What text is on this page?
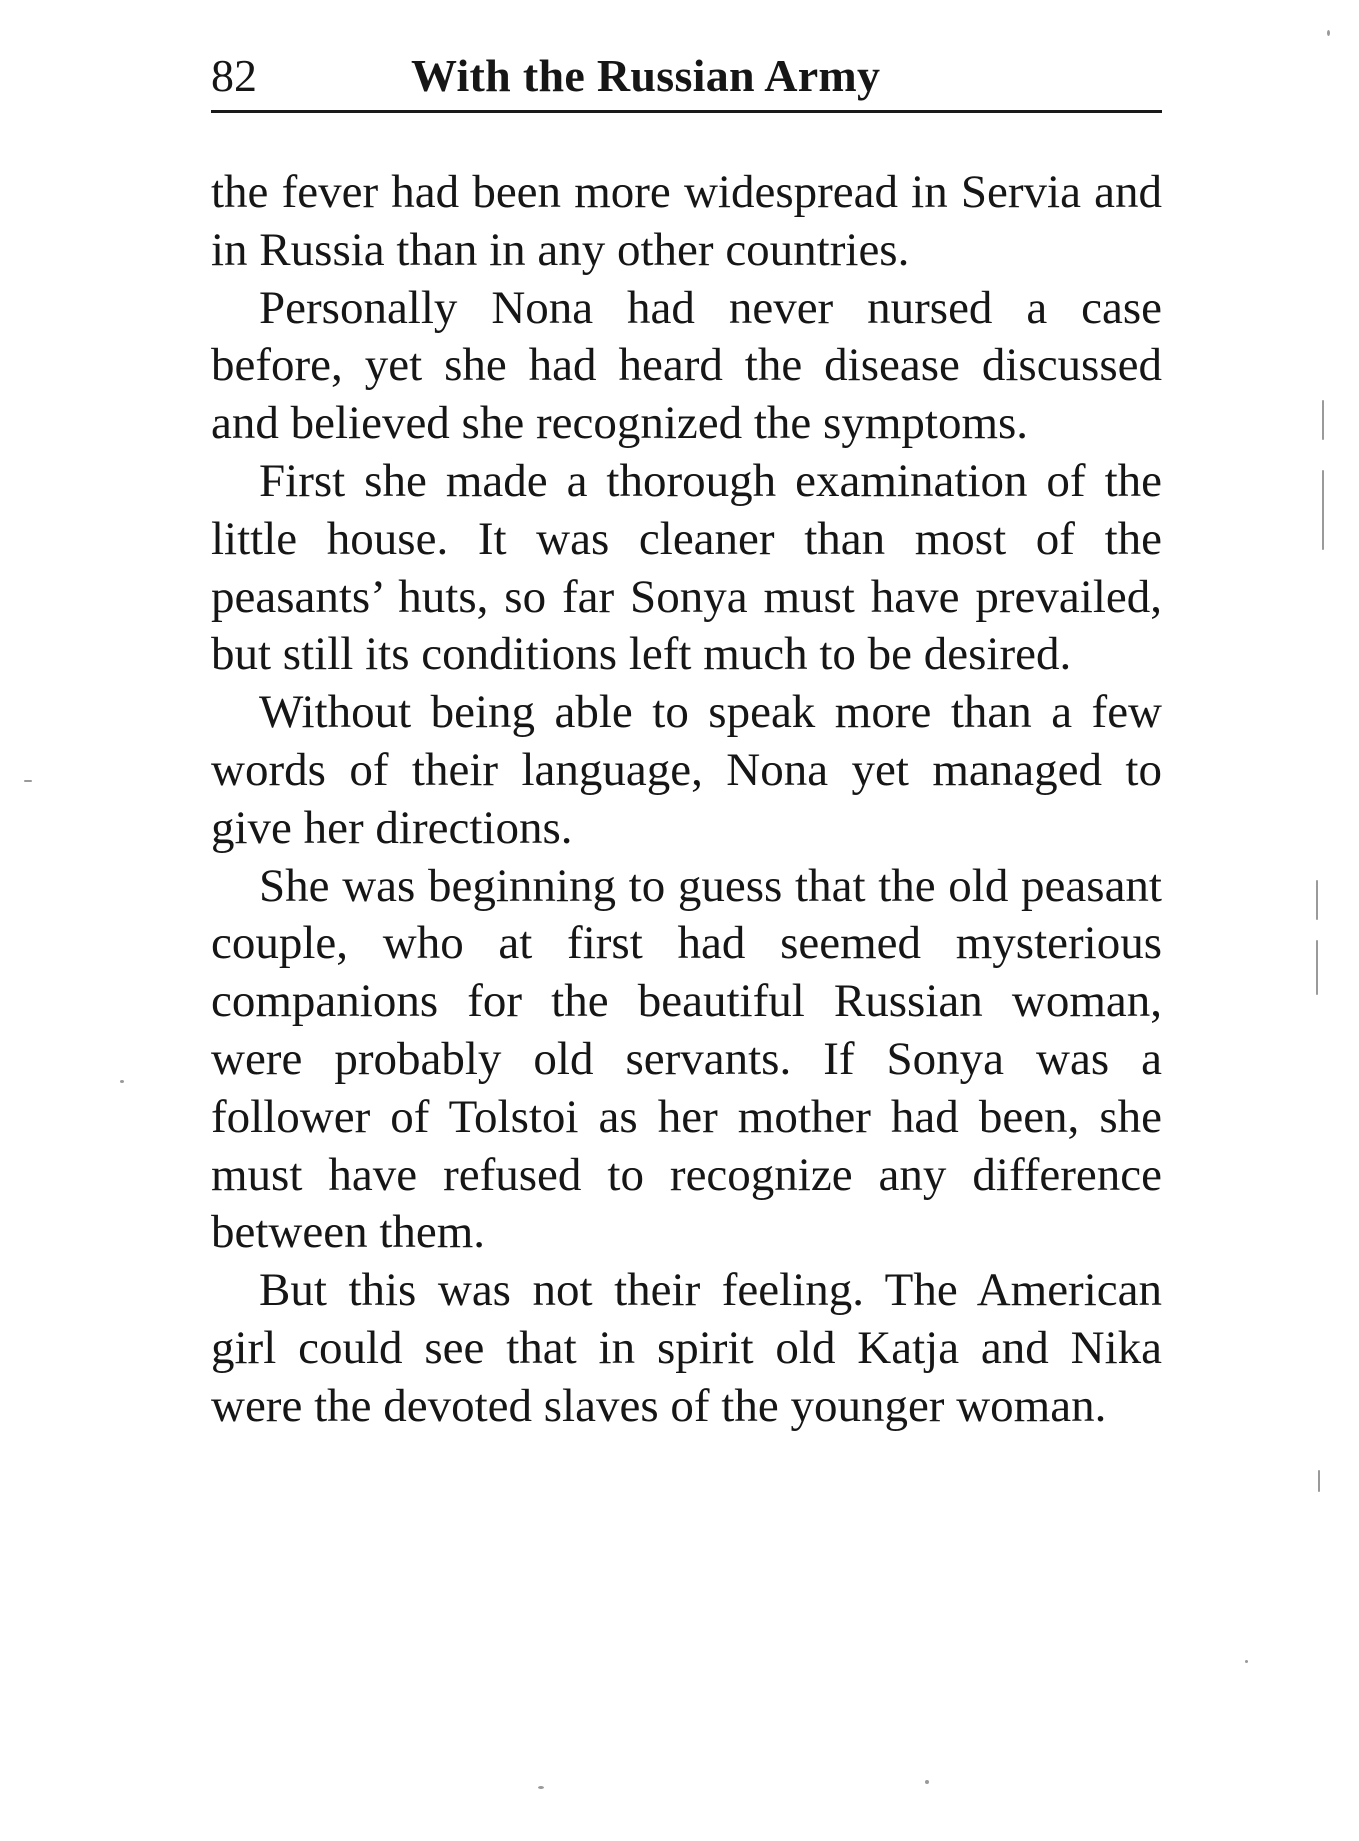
82	With the Russian Army

the fever had been more widespread in Servia and in Russia than in any other countries.

Personally Nona had never nursed a case before, yet she had heard the disease discussed and believed she recognized the symptoms.

First she made a thorough examination of the little house. It was cleaner than most of the peasants’ huts, so far Sonya must have prevailed, but still its conditions left much to be desired.

Without being able to speak more than a few words of their language, Nona yet managed to give her directions.

She was beginning to guess that the old peasant couple, who at first had seemed mysterious companions for the beautiful Russian woman, were probably old servants. If Sonya was a follower of Tolstoi as her mother had been, she must have refused to recognize any difference between them.

But this was not their feeling. The American girl could see that in spirit old Katja and Nika were the devoted slaves of the younger woman.
